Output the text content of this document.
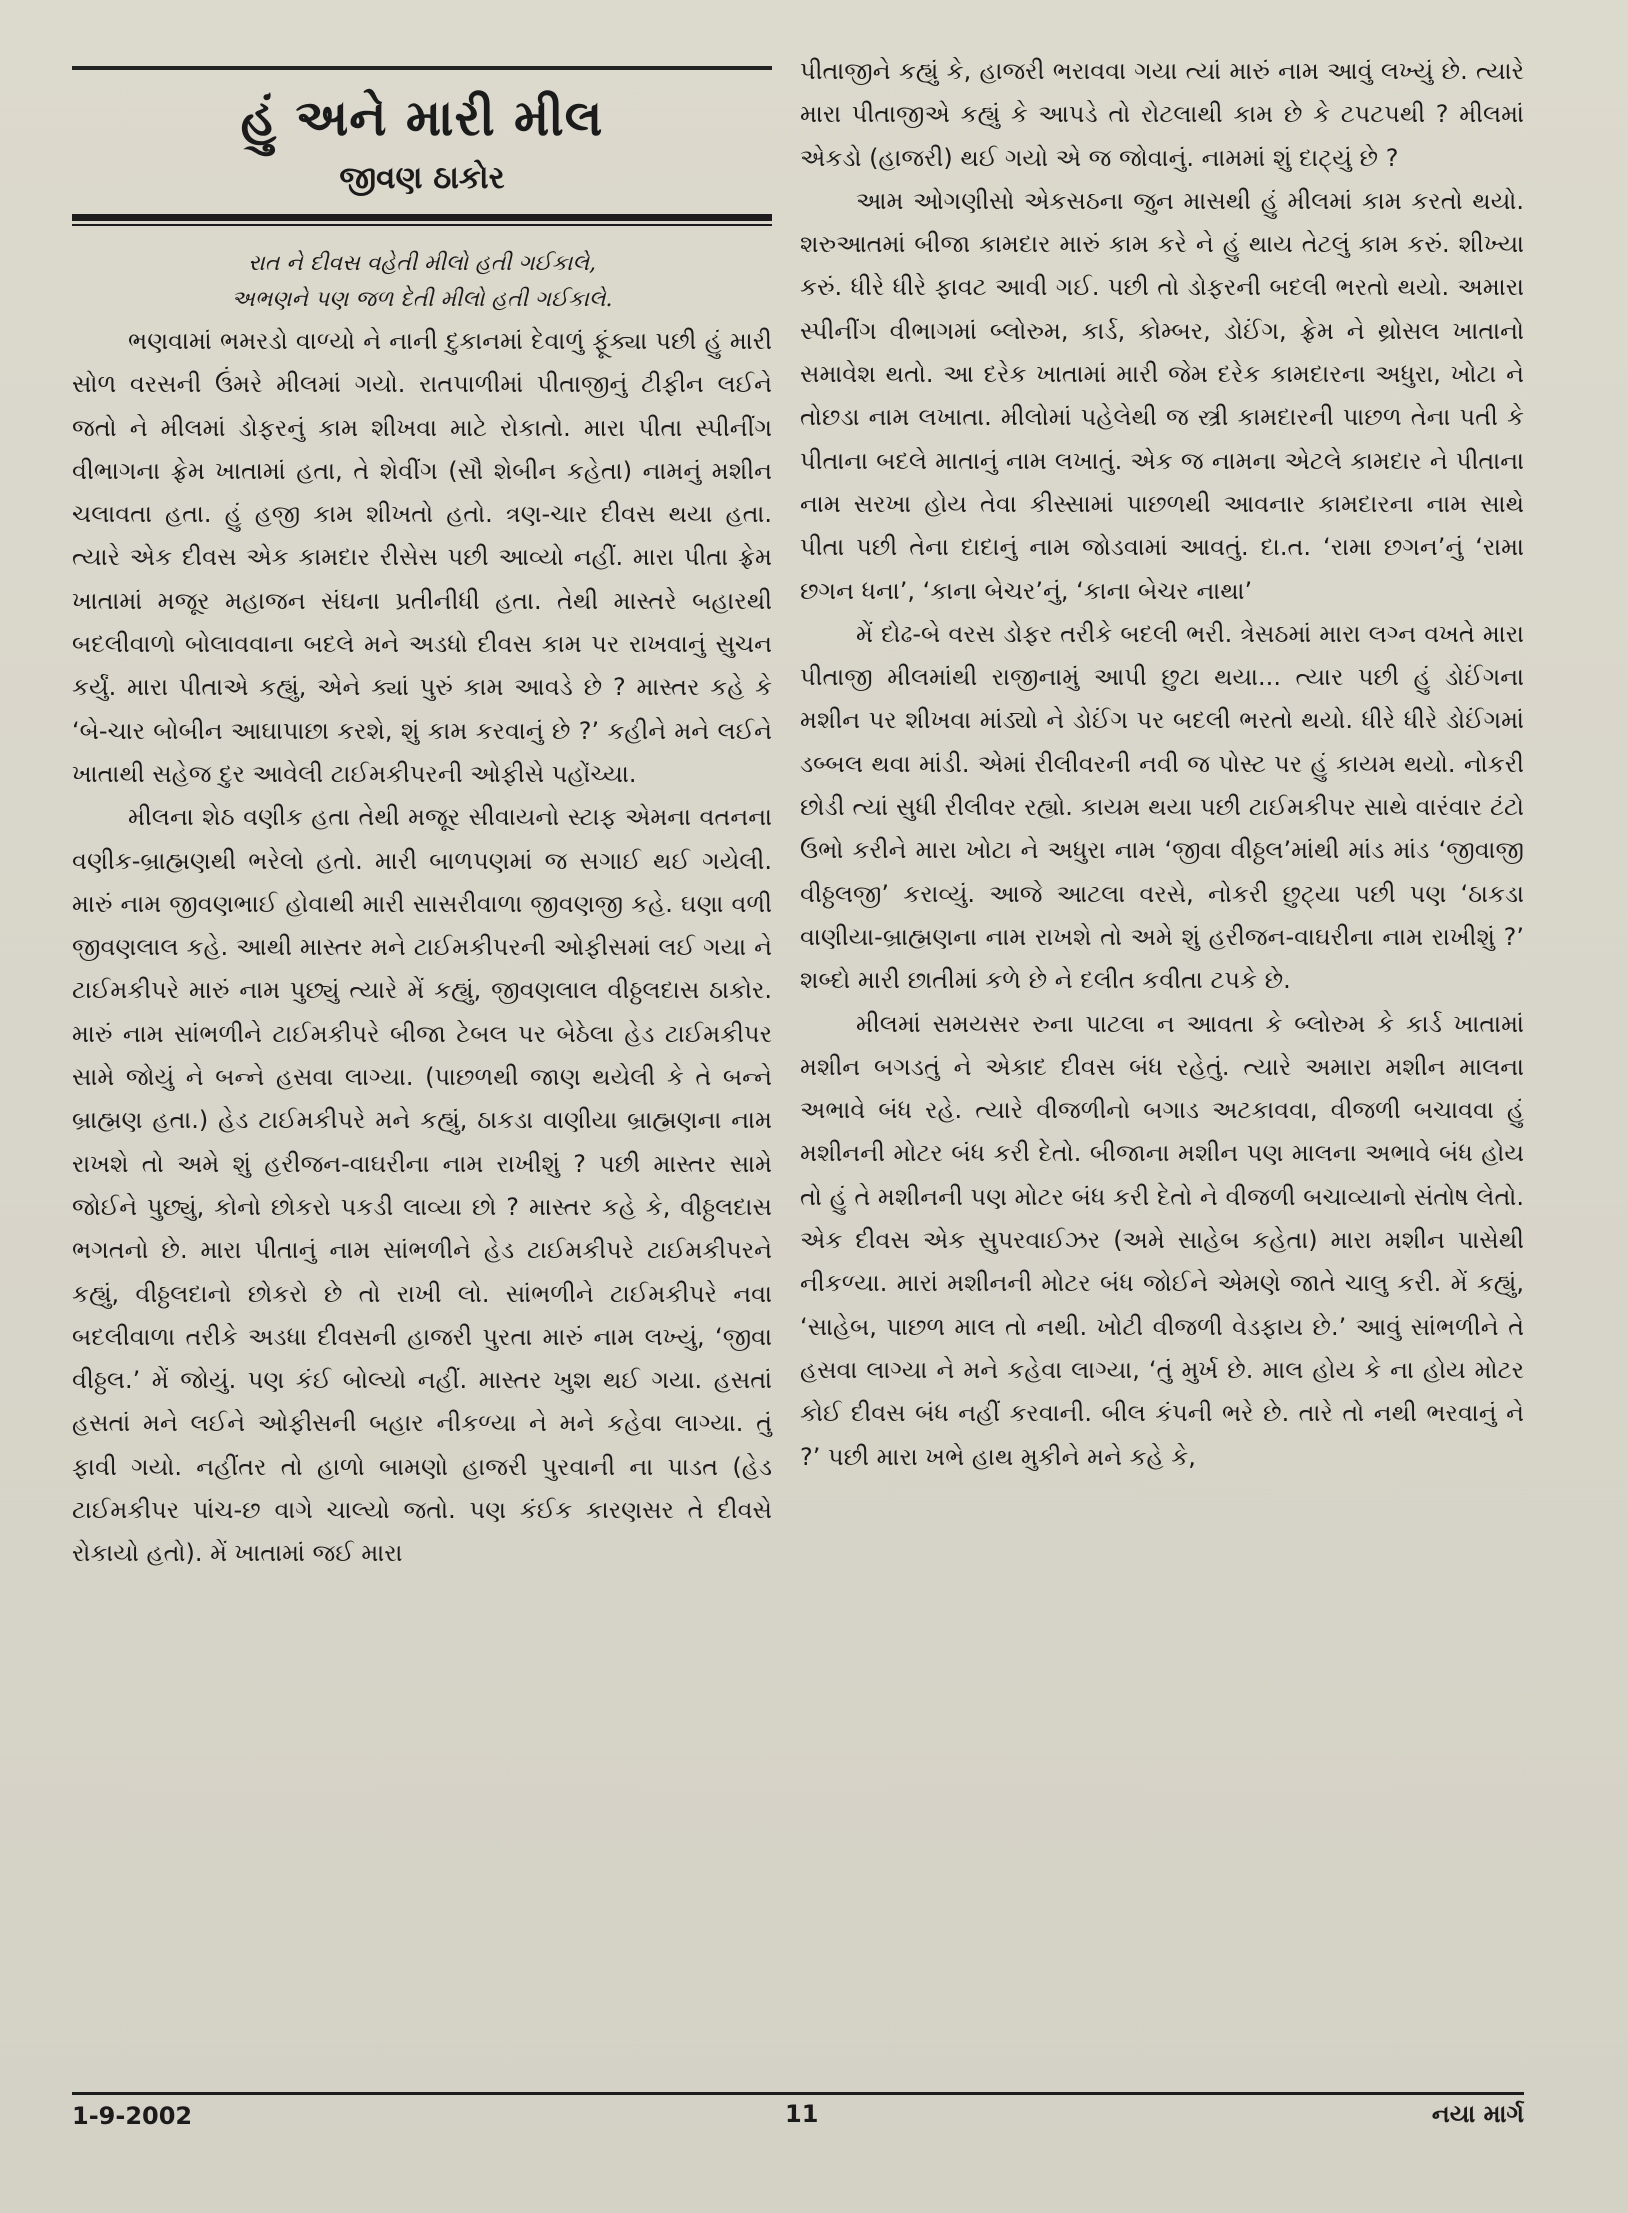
હું અને મારી મીલ
જીવણ ઠાકોર
રાત ને દીવસ વહેતી મીલો હતી ગઈકાલે,
અભણને પણ જળ દેતી મીલો હતી ગઈકાલે.

ભણવામાં ભમરડો વાળ્યો ને નાની દુકાનમાં દેવાળું ફૂંક્યા પછી હું મારી સોળ વરસની ઉંમરે મીલમાં ગયો. રાતપાળીમાં પીતાજીનું ટીફીન લઈને જતો ને મીલમાં ડોફરનું કામ શીખવા માટે રોકાતો. મારા પીતા સ્પીનીંગ વીભાગના ફ્રેમ ખાતામાં હતા, તે શેવીંગ (સૌ શેબીન કહેતા) નામનું મશીન ચલાવતા હતા. હું હજી કામ શીખતો હતો. ત્રણ-ચાર દીવસ થયા હતા. ત્યારે એક દીવસ એક કામદાર રીસેસ પછી આવ્યો નહીં. મારા પીતા ફ્રેમ ખાતામાં મજૂર મહાજન સંઘના પ્રતીનીધી હતા. તેથી માસ્તરે બહારથી બદલીવાળો બોલાવવાના બદલે મને અડધો દીવસ કામ પર રાખવાનું સુચન કર્યું. મારા પીતાએ કહ્યું, એને ક્યાં પુરું કામ આવડે છે ? માસ્તર કહે કે ‘બે-ચાર બોબીન આઘાપાછા કરશે, શું કામ કરવાનું છે ?’ કહીને મને લઈને ખાતાથી સહેજ દુર આવેલી ટાઈમકીપરની ઓફીસે પહોંચ્યા.

મીલના શેઠ વણીક હતા તેથી મજૂર સીવાયનો સ્ટાફ એમના વતનના વણીક-બ્રાહ્મણથી ભરેલો હતો. મારી બાળપણમાં જ સગાઈ થઈ ગયેલી. મારું નામ જીવણભાઈ હોવાથી મારી સાસરીવાળા જીવણજી કહે. ઘણા વળી જીવણલાલ કહે. આથી માસ્તર મને ટાઈમકીપરની ઓફીસમાં લઈ ગયા ને ટાઈમકીપરે મારું નામ પુછ્યું ત્યારે મેં કહ્યું, જીવણલાલ વીઠ્ઠલદાસ ઠાકોર. મારું નામ સાંભળીને ટાઈમકીપરે બીજા ટેબલ પર બેઠેલા હેડ ટાઈમકીપર સામે જોયું ને બન્ને હસવા લાગ્યા. (પાછળથી જાણ થયેલી કે તે બન્ને બ્રાહ્મણ હતા.) હેડ ટાઈમકીપરે મને કહ્યું, ઠાકડા વાણીયા બ્રાહ્મણના નામ રાખશે તો અમે શું હરીજન-વાઘરીના નામ રાખીશું ? પછી માસ્તર સામે જોઈને પુછ્યું, કોનો છોકરો પકડી લાવ્યા છો ? માસ્તર કહે કે, વીઠ્ઠલદાસ ભગતનો છે. મારા પીતાનું નામ સાંભળીને હેડ ટાઈમકીપરે ટાઈમકીપરને કહ્યું, વીઠ્ઠલદાનો છોકરો છે તો રાખી લો. સાંભળીને ટાઈમકીપરે નવા બદલીવાળા તરીકે અડધા દીવસની હાજરી પુરતા મારું નામ લખ્યું, ‘જીવા વીઠ્ઠલ.’ મેં જોયું. પણ કંઈ બોલ્યો નહીં. માસ્તર ખુશ થઈ ગયા. હસતાં હસતાં મને લઈને ઓફીસની બહાર નીકળ્યા ને મને કહેવા લાગ્યા. તું ફાવી ગયો. નહીંતર તો હાળો બામણો હાજરી પુરવાની ના પાડત (હેડ ટાઈમકીપર પાંચ-છ વાગે ચાલ્યો જતો. પણ કંઈક કારણસર તે દીવસે રોકાયો હતો). મેં ખાતામાં જઈ મારા

પીતાજીને કહ્યું કે, હાજરી ભરાવવા ગયા ત્યાં મારું નામ આવું લખ્યું છે. ત્યારે મારા પીતાજીએ કહ્યું કે આપડે તો રોટલાથી કામ છે કે ટપટપથી ? મીલમાં એકડો (હાજરી) થઈ ગયો એ જ જોવાનું. નામમાં શું દાટ્યું છે ?

આમ ઓગણીસો એકસઠના જુન માસથી હું મીલમાં કામ કરતો થયો. શરુઆતમાં બીજા કામદાર મારું કામ કરે ને હું થાય તેટલું કામ કરું. શીખ્યા કરું. ધીરે ધીરે ફાવટ આવી ગઈ. પછી તો ડોફરની બદલી ભરતો થયો. અમારા સ્પીનીંગ વીભાગમાં બ્લોરુમ, કાર્ડ, કોમ્બર, ડોઈંગ, ફ્રેમ ને થ્રોસલ ખાતાનો સમાવેશ થતો. આ દરેક ખાતામાં મારી જેમ દરેક કામદારના અધુરા, ખોટા ને તોછડા નામ લખાતા. મીલોમાં પહેલેથી જ સ્ત્રી કામદારની પાછળ તેના પતી કે પીતાના બદલે માતાનું નામ લખાતું. એક જ નામના એટલે કામદાર ને પીતાના નામ સરખા હોય તેવા કીસ્સામાં પાછળથી આવનાર કામદારના નામ સાથે પીતા પછી તેના દાદાનું નામ જોડવામાં આવતું. દા.ત. ‘રામા છગન’નું ‘રામા છગન ધના’, ‘કાના બેચર’નું, ‘કાના બેચર નાથા’

મેં દોઢ-બે વરસ ડોફર તરીકે બદલી ભરી. ત્રેસઠમાં મારા લગ્ન વખતે મારા પીતાજી મીલમાંથી રાજીનામું આપી છુટા થયા... ત્યાર પછી હું ડોઈંગના મશીન પર શીખવા માંડ્યો ને ડોઈંગ પર બદલી ભરતો થયો. ધીરે ધીરે ડોઈંગમાં ડબ્બલ થવા માંડી. એમાં રીલીવરની નવી જ પોસ્ટ પર હું કાયમ થયો. નોકરી છોડી ત્યાં સુધી રીલીવર રહ્યો. કાયમ થયા પછી ટાઈમકીપર સાથે વારંવાર ટંટો ઉભો કરીને મારા ખોટા ને અધુરા નામ ‘જીવા વીઠ્ઠલ’માંથી માંડ માંડ ‘જીવાજી વીઠ્ઠલજી’ કરાવ્યું. આજે આટલા વરસે, નોકરી છુટ્યા પછી પણ ‘ઠાકડા વાણીયા-બ્રાહ્મણના નામ રાખશે તો અમે શું હરીજન-વાઘરીના નામ રાખીશું ?’ શબ્દો મારી છાતીમાં કળે છે ને દલીત કવીતા ટપકે છે.

મીલમાં સમયસર રુના પાટલા ન આવતા કે બ્લોરુમ કે કાર્ડ ખાતામાં મશીન બગડતું ને એકાદ દીવસ બંધ રહેતું. ત્યારે અમારા મશીન માલના અભાવે બંધ રહે. ત્યારે વીજળીનો બગાડ અટકાવવા, વીજળી બચાવવા હું મશીનની મોટર બંધ કરી દેતો. બીજાના મશીન પણ માલના અભાવે બંધ હોય તો હું તે મશીનની પણ મોટર બંધ કરી દેતો ને વીજળી બચાવ્યાનો સંતોષ લેતો. એક દીવસ એક સુપરવાઈઝર (અમે સાહેબ કહેતા) મારા મશીન પાસેથી નીકળ્યા. મારાં મશીનની મોટર બંધ જોઈને એમણે જાતે ચાલુ કરી. મેં કહ્યું, ‘સાહેબ, પાછળ માલ તો નથી. ખોટી વીજળી વેડફાય છે.’ આવું સાંભળીને તે હસવા લાગ્યા ને મને કહેવા લાગ્યા, ‘તું મુર્ખ છે. માલ હોય કે ના હોય મોટર કોઈ દીવસ બંધ નહીં કરવાની. બીલ કંપની ભરે છે. તારે તો નથી ભરવાનું ને ?’ પછી મારા ખભે હાથ મુકીને મને કહે કે,

1-9-2002	11	નયા માર્ગ
